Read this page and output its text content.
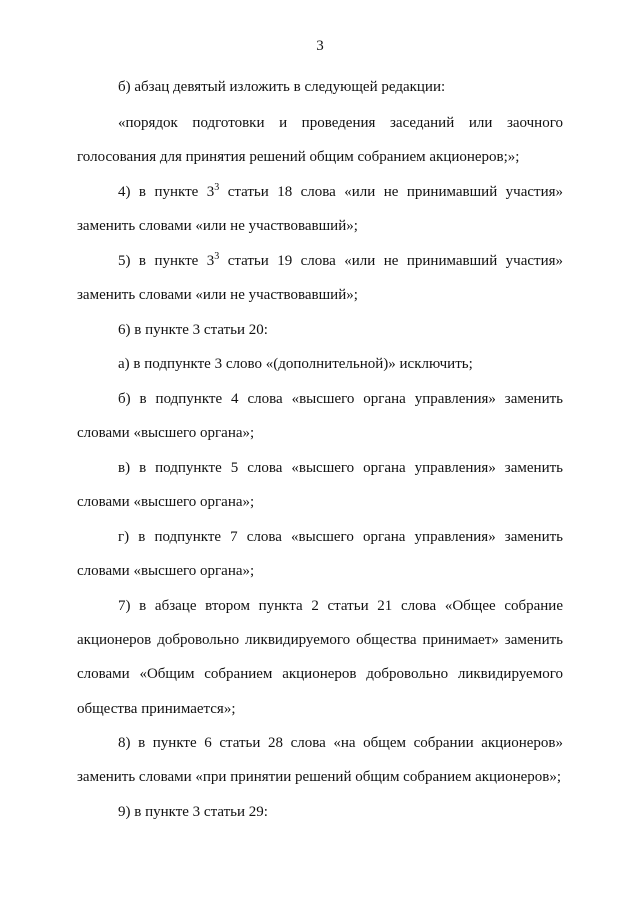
3
б) абзац девятый изложить в следующей редакции:
«порядок подготовки и проведения заседаний или заочного
голосования для принятия решений общим собранием акционеров;»;
4) в пункте $3^3$ статьи 18 слова «или не принимавший участия»
заменить словами «или не участвовавший»;
5) в пункте $3^3$ статьи 19 слова «или не принимавший участия»
заменить словами «или не участвовавший»;
6) в пункте 3 статьи 20:
а) в подпункте 3 слово «(дополнительной)» исключить;
б) в подпункте 4 слова «высшего органа управления» заменить
словами «высшего органа»;
в) в подпункте 5 слова «высшего органа управления» заменить
словами «высшего органа»;
г) в подпункте 7 слова «высшего органа управления» заменить
словами «высшего органа»;
7) в абзаце втором пункта 2 статьи 21 слова «Общее собрание
акционеров добровольно ликвидируемого общества принимает» заменить
словами «Общим собранием акционеров добровольно ликвидируемого
общества принимается»;
8) в пункте 6 статьи 28 слова «на общем собрании акционеров»
заменить словами «при принятии решений общим собранием акционеров»;
9) в пункте 3 статьи 29:
